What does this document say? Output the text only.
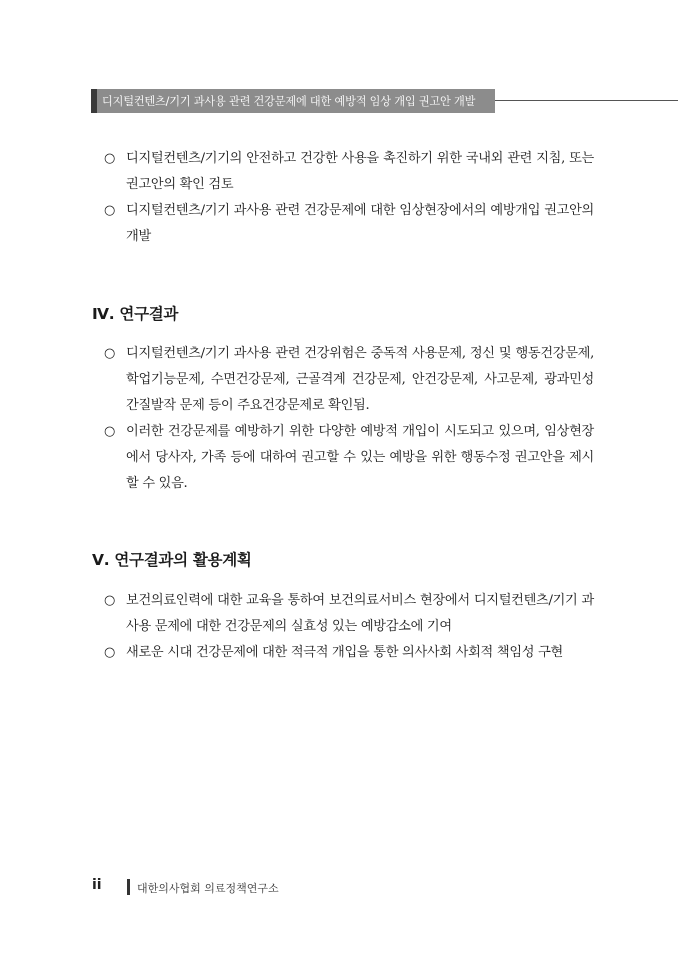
디지털컨텐츠/기기 과사용 관련 건강문제에 대한 예방적 임상 개입 권고안 개발
○ 디지털컨텐츠/기기의 안전하고 건강한 사용을 촉진하기 위한 국내외 관련 지침, 또는 권고안의 확인 검토
○ 디지털컨텐츠/기기 과사용 관련 건강문제에 대한 임상현장에서의 예방개입 권고안의 개발
Ⅳ. 연구결과
○ 디지털컨텐츠/기기 과사용 관련 건강위험은 중독적 사용문제, 정신 및 행동건강문제, 학업기능문제, 수면건강문제, 근골격계 건강문제, 안건강문제, 사고문제, 광과민성 간질발작 문제 등이 주요건강문제로 확인됨.
○ 이러한 건강문제를 예방하기 위한 다양한 예방적 개입이 시도되고 있으며, 임상현장에서 당사자, 가족 등에 대하여 권고할 수 있는 예방을 위한 행동수정 권고안을 제시할 수 있음.
Ⅴ. 연구결과의 활용계획
○ 보건의료인력에 대한 교육을 통하여 보건의료서비스 현장에서 디지털컨텐츠/기기 과사용 문제에 대한 건강문제의 실효성 있는 예방감소에 기여
○ 새로운 시대 건강문제에 대한 적극적 개입을 통한 의사사회 사회적 책임성 구현
ii	대한의사협회 의료정책연구소
